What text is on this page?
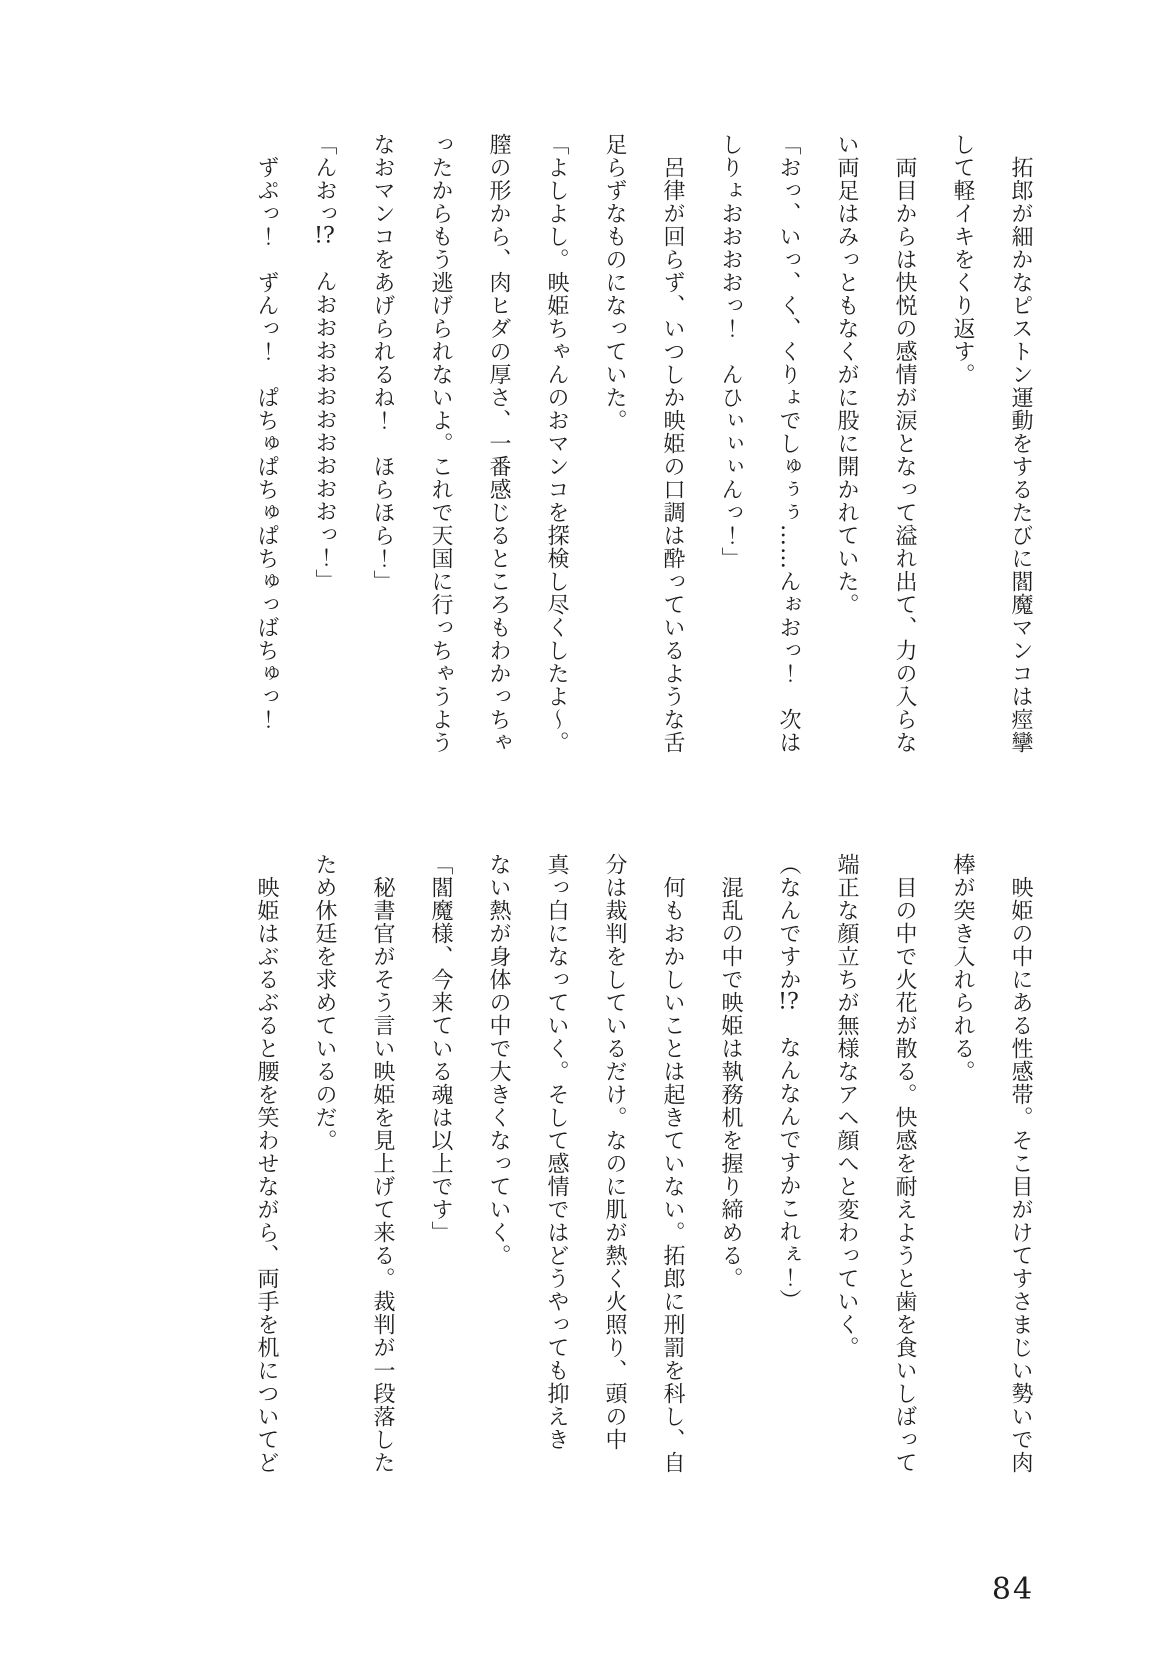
拓郎が細かなピストン運動をするたびに閻魔マンコは痙攣

して軽イキをくり返す。

両目からは快悦の感情が涙となって溢れ出て、力の入らな

い両足はみっともなくがに股に開かれていた。

「おっ、いっ、く、くりょでしゅぅぅ……んぉおっ！　次は

しりょおおおおっ！　んひぃぃぃんっ！」

呂律が回らず、いつしか映姫の口調は酔っているような舌

足らずなものになっていた。

「よしよし。映姫ちゃんのおマンコを探検し尽くしたよ～。

膣の形から、肉ヒダの厚さ、一番感じるところもわかっちゃ

ったからもう逃げられないよ。これで天国に行っちゃうよう

なおマンコをあげられるね！　ほらほら！」

「んおっ!?　んおおおおおおおおおおっ！」

ずぷっ！　ずんっ！　ぱちゅぱちゅぱちゅっばちゅっ！

映姫の中にある性感帯。そこ目がけてすさまじい勢いで肉

棒が突き入れられる。

目の中で火花が散る。快感を耐えようと歯を食いしばって

端正な顔立ちが無様なアヘ顔へと変わっていく。

（なんですか!?　なんなんですかこれぇ！）

混乱の中で映姫は執務机を握り締める。

何もおかしいことは起きていない。拓郎に刑罰を科し、自

分は裁判をしているだけ。なのに肌が熱く火照り、頭の中

真っ白になっていく。そして感情ではどうやっても抑えき

ない熱が身体の中で大きくなっていく。

「閻魔様、今来ている魂は以上です」

秘書官がそう言い映姫を見上げて来る。裁判が一段落した

ため休廷を求めているのだ。

映姫はぶるぶると腰を笑わせながら、両手を机についてど

84
